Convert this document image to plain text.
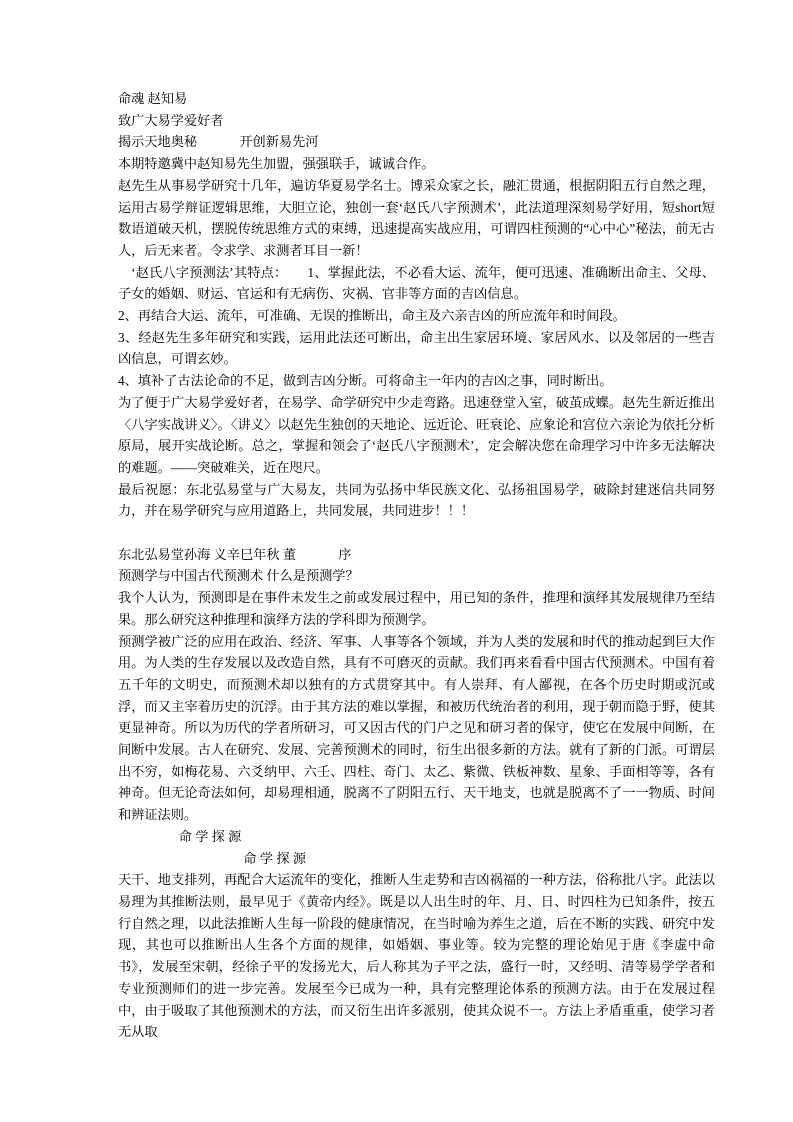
命魂 赵知易

致广大易学爱好者

揭示天地奥秘	开创新易先河

本期特邀冀中赵知易先生加盟，强强联手，诚诚合作。

赵先生从事易学研究十几年，遍访华夏易学名士。博采众家之长，融汇贯通，根据阴阳五行自然之理，运用古易学辩证逻辑思维，大胆立论，独创一套‘赵氏八字预测术’，此法道理深刻易学好用，短short短数语道破天机，摆脱传统思维方式的束缚，迅速提高实战应用，可谓四柱预测的“心中心”秘法，前无古人，后无来者。令求学、求测者耳目一新！

‘赵氏八字预测法’其特点：　　1、掌握此法，不必看大运、流年，便可迅速、准确断出命主、父母、子女的婚姻、财运、官运和有无病伤、灾祸、官非等方面的吉凶信息。

2、再结合大运、流年，可准确、无误的推断出，命主及六亲吉凶的所应流年和时间段。

3、经赵先生多年研究和实践，运用此法还可断出，命主出生家居环境、家居风水、以及邻居的一些吉凶信息，可谓玄妙。

4、填补了古法论命的不足，做到吉凶分断。可将命主一年内的吉凶之事，同时断出。

为了便于广大易学爱好者，在易学、命学研究中少走弯路。迅速登堂入室，破茧成蝶。赵先生新近推出〈八字实战讲义〉。〈讲义〉以赵先生独创的天地论、远近论、旺衰论、应象论和宫位六亲论为依托分析原局，展开实战论断。总之，掌握和领会了‘赵氏八字预测术’，定会解决您在命理学习中许多无法解决的难题。——突破难关，近在咫尺。

最后祝愿：东北弘易堂与广大易友，共同为弘扬中华民族文化、弘扬祖国易学，破除封建迷信共同努力，并在易学研究与应用道路上，共同发展，共同进步！！！

东北弘易堂孙海 义辛巳年秋 董	序

预测学与中国古代预测术 什么是预测学？

我个人认为，预测即是在事件未发生之前或发展过程中，用已知的条件，推理和演绎其发展规律乃至结果。那么研究这种推理和演绎方法的学科即为预测学。

预测学被广泛的应用在政治、经济、军事、人事等各个领域，并为人类的发展和时代的推动起到巨大作用。为人类的生存发展以及改造自然，具有不可磨灭的贡献。我们再来看看中国古代预测术。中国有着五千年的文明史，而预测术却以独有的方式贯穿其中。有人崇拜、有人鄙视，在各个历史时期或沉或浮，而又主宰着历史的沉浮。由于其方法的难以掌握，和被历代统治者的利用，现于朝而隐于野，使其更显神奇。所以为历代的学者所研习，可又因古代的门户之见和研习者的保守，使它在发展中间断，在间断中发展。古人在研究、发展、完善预测术的同时，衍生出很多新的方法。就有了新的门派。可谓层出不穷，如梅花易、六爻纳甲、六壬、四柱、奇门、太乙、紫微、铁板神数、星象、手面相等等，各有神奇。但无论奇法如何，却易理相通，脱离不了阴阳五行、天干地支，也就是脱离不了一一物质、时间和辨证法则。

命 学 探 源

命 学 探 源

天干、地支排列，再配合大运流年的变化，推断人生走势和吉凶祸福的一种方法，俗称批八字。此法以易理为其推断法则，最早见于《黄帝内经》。既是以人出生时的年、月、日、时四柱为已知条件，按五行自然之理，以此法推断人生每一阶段的健康情况，在当时喻为养生之道，后在不断的实践、研究中发现，其也可以推断出人生各个方面的规律，如婚姻、事业等。较为完整的理论始见于唐《李虚中命书》，发展至宋朝，经徐子平的发扬光大，后人称其为子平之法，盛行一时，又经明、清等易学学者和专业预测师们的进一步完善。发展至今已成为一种，具有完整理论体系的预测方法。由于在发展过程中，由于吸取了其他预测术的方法，而又衍生出许多派别，使其众说不一。方法上矛盾重重，使学习者无从取
